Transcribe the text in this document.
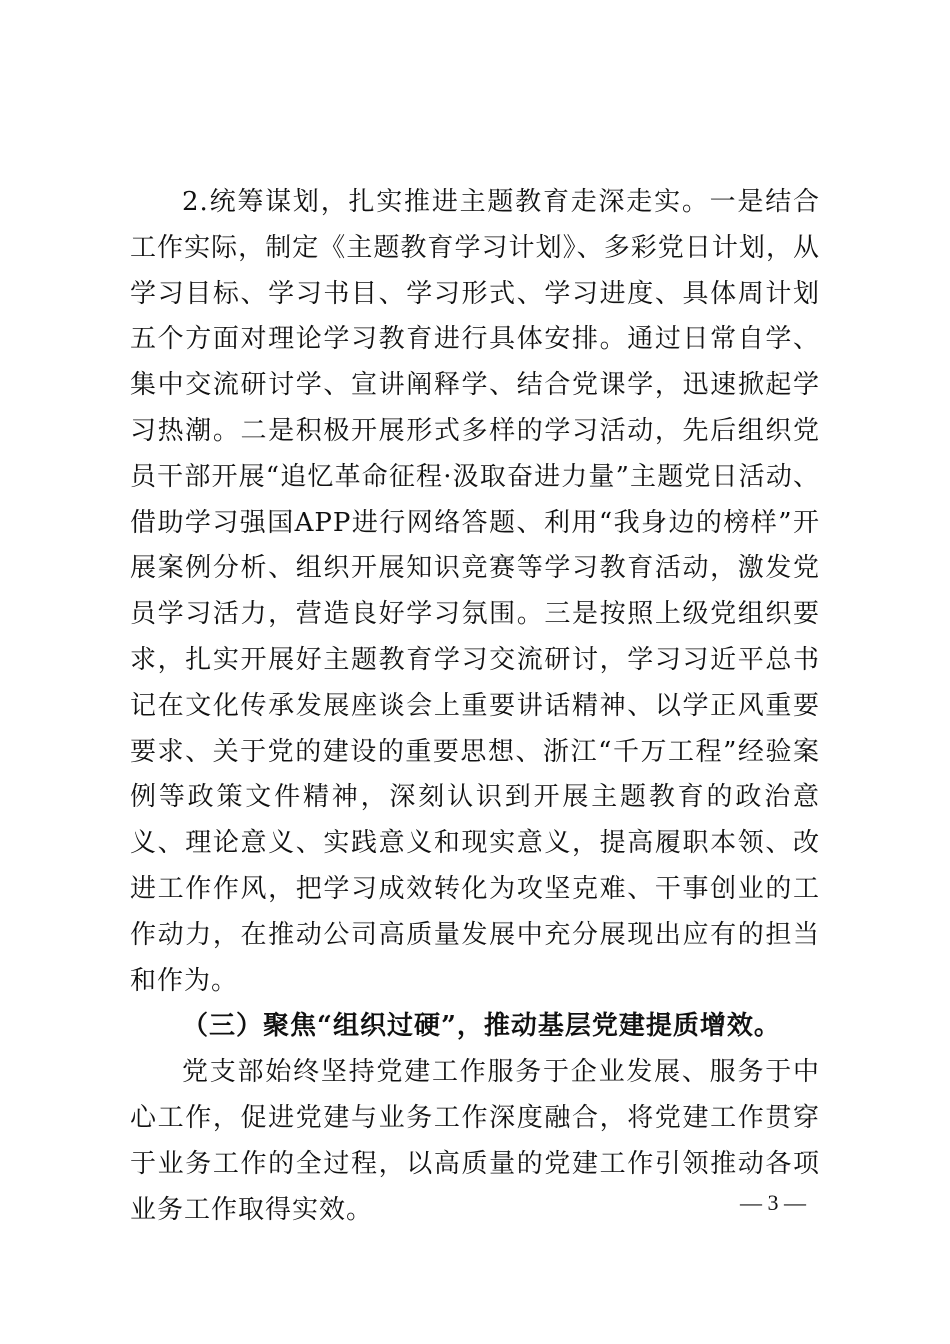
2.统筹谋划，扎实推进主题教育走深走实。一是结合工作实际，制定《主题教育学习计划》、多彩党日计划，从学习目标、学习书目、学习形式、学习进度、具体周计划五个方面对理论学习教育进行具体安排。通过日常自学、集中交流研讨学、宣讲阐释学、结合党课学，迅速掀起学习热潮。二是积极开展形式多样的学习活动，先后组织党员干部开展“追忆革命征程·汲取奋进力量”主题党日活动、借助学习强国APP进行网络答题、利用“我身边的榜样”开展案例分析、组织开展知识竞赛等学习教育活动，激发党员学习活力，营造良好学习氛围。三是按照上级党组织要求，扎实开展好主题教育学习交流研讨，学习习近平总书记在文化传承发展座谈会上重要讲话精神、以学正风重要要求、关于党的建设的重要思想、浙江“千万工程”经验案例等政策文件精神，深刻认识到开展主题教育的政治意义、理论意义、实践意义和现实意义，提高履职本领、改进工作作风，把学习成效转化为攻坚克难、干事创业的工作动力，在推动公司高质量发展中充分展现出应有的担当和作为。

（三）聚焦“组织过硬”，推动基层党建提质增效。

党支部始终坚持党建工作服务于企业发展、服务于中心工作，促进党建与业务工作深度融合，将党建工作贯穿于业务工作的全过程，以高质量的党建工作引领推动各项业务工作取得实效。	— 3 —
